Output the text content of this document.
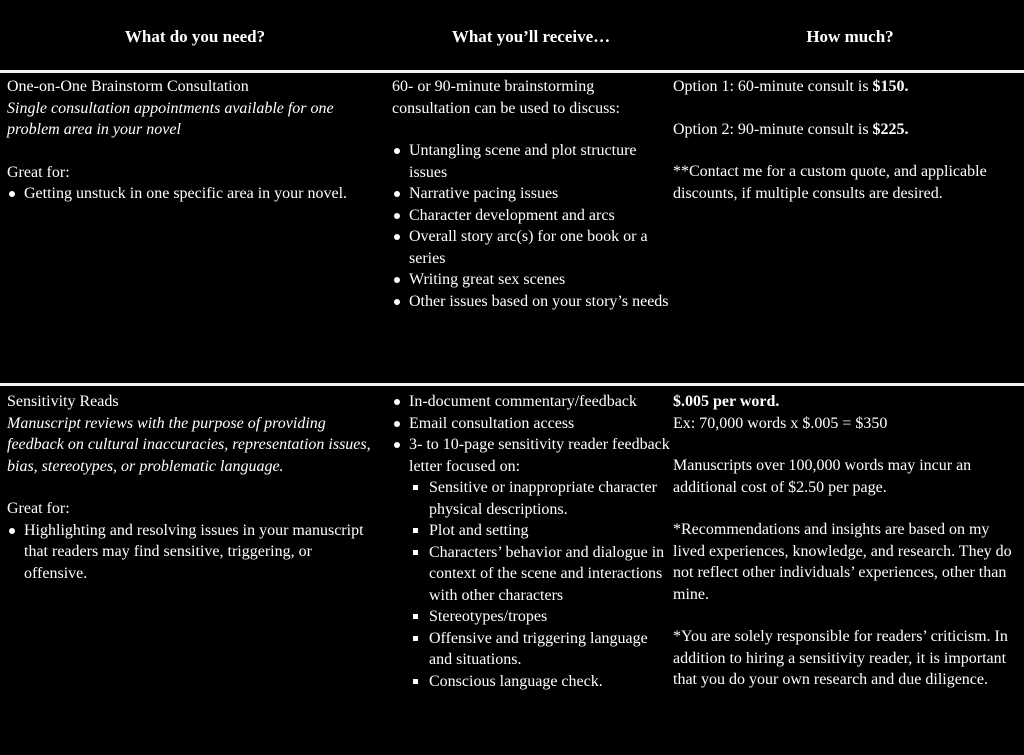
What do you need?	What you’ll receive…	How much?

One-on-One Brainstorm Consultation

Single consultation appointments available for one problem area in your novel

Great for:

Getting unstuck in one specific area in your novel.

60- or 90-minute brainstorming consultation can be used to discuss:

Untangling scene and plot structure issues
Narrative pacing issues
Character development and arcs
Overall story arc(s) for one book or a series
Writing great sex scenes
Other issues based on your story’s needs

Option 1: 60-minute consult is $150.

Option 2: 90-minute consult is $225.

**Contact me for a custom quote, and applicable discounts, if multiple consults are desired.

Sensitivity Reads

Manuscript reviews with the purpose of providing feedback on cultural inaccuracies, representation issues, bias, stereotypes, or problematic language.

Great for:

Highlighting and resolving issues in your manuscript that readers may find sensitive, triggering, or offensive.
In-document commentary/feedback
Email consultation access
3- to 10-page sensitivity reader feedback letter focused on:
Sensitive or inappropriate character physical descriptions.
Plot and setting
Characters’ behavior and dialogue in context of the scene and interactions with other characters
Stereotypes/tropes
Offensive and triggering language and situations.
Conscious language check.

$.005 per word.

Ex: 70,000 words x $.005 = $350

Manuscripts over 100,000 words may incur an additional cost of $2.50 per page.

*Recommendations and insights are based on my lived experiences, knowledge, and research. They do not reflect other individuals’ experiences, other than mine.

*You are solely responsible for readers’ criticism. In addition to hiring a sensitivity reader, it is important that you do your own research and due diligence.
